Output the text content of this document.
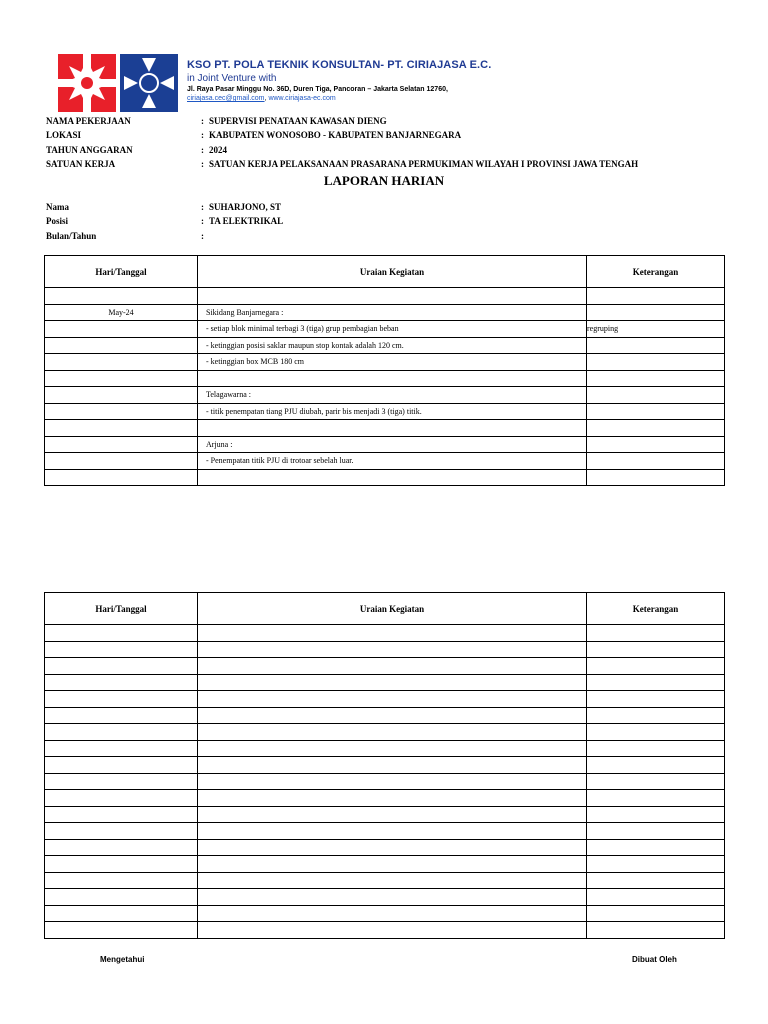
KSO PT. POLA TEKNIK KONSULTAN- PT. CIRIAJASA E.C.
in Joint Venture with
Jl. Raya Pasar Minggu No. 36D, Duren Tiga, Pancoran – Jakarta Selatan 12760,
ciriajasa.cec@gmail.com, www.ciriajasa-ec.com
NAMA PEKERJAAN	: SUPERVISI PENATAAN KAWASAN DIENG
LOKASI	: KABUPATEN WONOSOBO - KABUPATEN BANJARNEGARA
TAHUN ANGGARAN	: 2024
SATUAN KERJA	: SATUAN KERJA PELAKSANAAN PRASARANA PERMUKIMAN WILAYAH I PROVINSI JAWA TENGAH
LAPORAN HARIAN
Nama	: SUHARJONO, ST
Posisi	: TA ELEKTRIKAL
Bulan/Tahun	:
Hari/Tanggal	Uraian Kegiatan	Keterangan

May-24	Sikidang Banjarnegara :	
	- setiap blok minimal terbagi 3 (tiga) grup pembagian beban	regruping
	- ketinggian posisi saklar maupun stop kontak adalah 120 cm.	
	- ketinggian box MCB 180 cm	

	Telagawarna :	
	- titik penempatan tiang PJU diubah, parir bis menjadi 3 (tiga) titik.	

	Arjuna :	
	- Penempatan titik PJU di trotoar sebelah luar.	

Hari/Tanggal	Uraian Kegiatan	Keterangan

Mengetahui	Dibuat Oleh
